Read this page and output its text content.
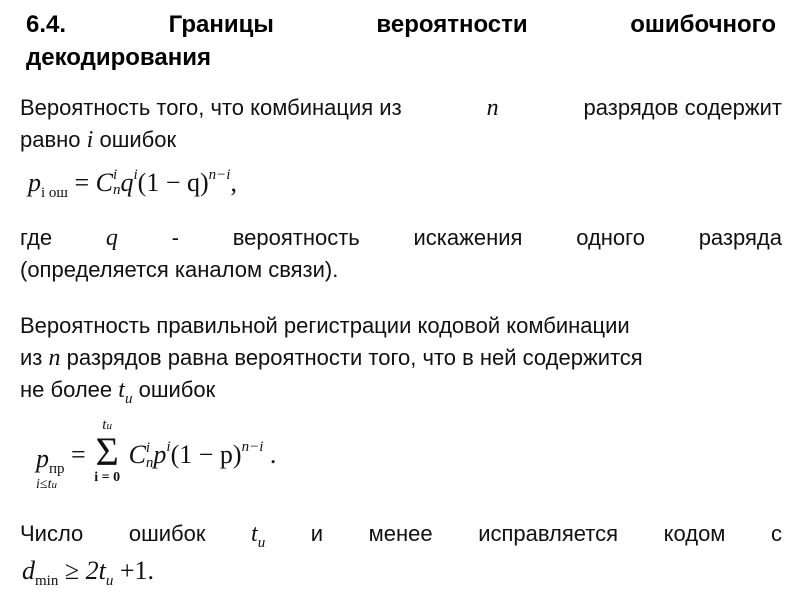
6.4.	Границы	вероятности	ошибочного
декодирования
Вероятность того, что комбинация из	n	разрядов содержит
равно i ошибок
$p_{i ош} = C$ i
n $q^i(1 - q)^{n-i}$,
где q - вероятность искажения одного разряда
(определяется каналом связи).
Вероятность правильной регистрации кодовой комбинации
из n разрядов равна вероятности того, что в ней содержится
не более $t_и$ ошибок
$p_{пр}$
i≤tи
=
tи
Σ
i = 0
C i
n $p^i(1 - p)^{n-i}$ .
Число ошибок $t_и$ и менее исправляется кодом с
$d_{min} \ge 2t_и +1$.
